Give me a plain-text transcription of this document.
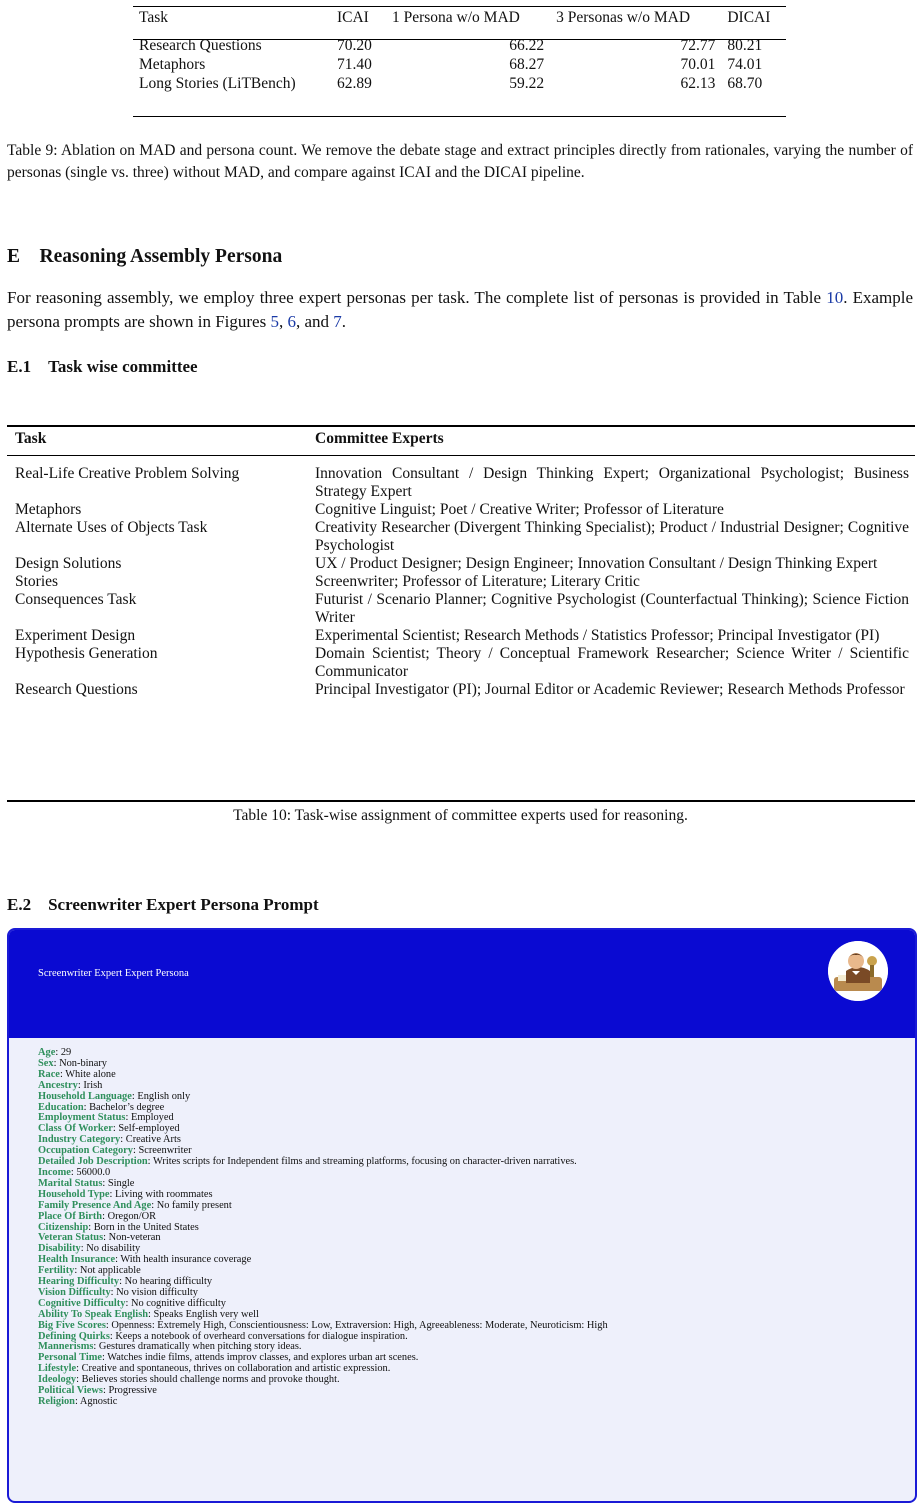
Task	ICAI	1 Persona w/o MAD	3 Personas w/o MAD	DICAI

Research Questions	70.20	66.22	72.77	80.21
Metaphors	71.40	68.27	70.01	74.01
Long Stories (LiTBench)	62.89	59.22	62.13	68.70
Table 9: Ablation on MAD and persona count. We remove the debate stage and extract principles directly from rationales, varying the number of personas (single vs. three) without MAD, and compare against ICAI and the DICAI pipeline.
E Reasoning Assembly Persona
For reasoning assembly, we employ three expert personas per task. The complete list of personas is provided in Table 10. Example persona prompts are shown in Figures 5, 6, and 7.
E.1 Task wise committee
Task	Committee Experts
Real-Life Creative Problem Solving	Innovation Consultant / Design Thinking Expert; Organizational Psychologist; Business Strategy Expert
Metaphors	Cognitive Linguist; Poet / Creative Writer; Professor of Literature
Alternate Uses of Objects Task	Creativity Researcher (Divergent Thinking Specialist); Product / Industrial Designer; Cognitive Psychologist
Design Solutions	UX / Product Designer; Design Engineer; Innovation Consultant / Design Thinking Expert
Stories	Screenwriter; Professor of Literature; Literary Critic
Consequences Task	Futurist / Scenario Planner; Cognitive Psychologist (Counterfactual Thinking); Science Fiction Writer
Experiment Design	Experimental Scientist; Research Methods / Statistics Professor; Principal Investigator (PI)
Hypothesis Generation	Domain Scientist; Theory / Conceptual Framework Researcher; Science Writer / Scientific Communicator
Research Questions	Principal Investigator (PI); Journal Editor or Academic Reviewer; Research Methods Professor
Table 10: Task-wise assignment of committee experts used for reasoning.
E.2 Screenwriter Expert Persona Prompt
Screenwriter Expert Expert Persona
Age: 29
Sex: Non-binary
Race: White alone
Ancestry: Irish
Household Language: English only
Education: Bachelor’s degree
Employment Status: Employed
Class Of Worker: Self-employed
Industry Category: Creative Arts
Occupation Category: Screenwriter
Detailed Job Description: Writes scripts for Independent films and streaming platforms, focusing on character-driven narratives.
Income: 56000.0
Marital Status: Single
Household Type: Living with roommates
Family Presence And Age: No family present
Place Of Birth: Oregon/OR
Citizenship: Born in the United States
Veteran Status: Non-veteran
Disability: No disability
Health Insurance: With health insurance coverage
Fertility: Not applicable
Hearing Difficulty: No hearing difficulty
Vision Difficulty: No vision difficulty
Cognitive Difficulty: No cognitive difficulty
Ability To Speak English: Speaks English very well
Big Five Scores: Openness: Extremely High, Conscientiousness: Low, Extraversion: High, Agreeableness: Moderate, Neuroticism: High
Defining Quirks: Keeps a notebook of overheard conversations for dialogue inspiration.
Mannerisms: Gestures dramatically when pitching story ideas.
Personal Time: Watches indie films, attends improv classes, and explores urban art scenes.
Lifestyle: Creative and spontaneous, thrives on collaboration and artistic expression.
Ideology: Believes stories should challenge norms and provoke thought.
Political Views: Progressive
Religion: Agnostic
